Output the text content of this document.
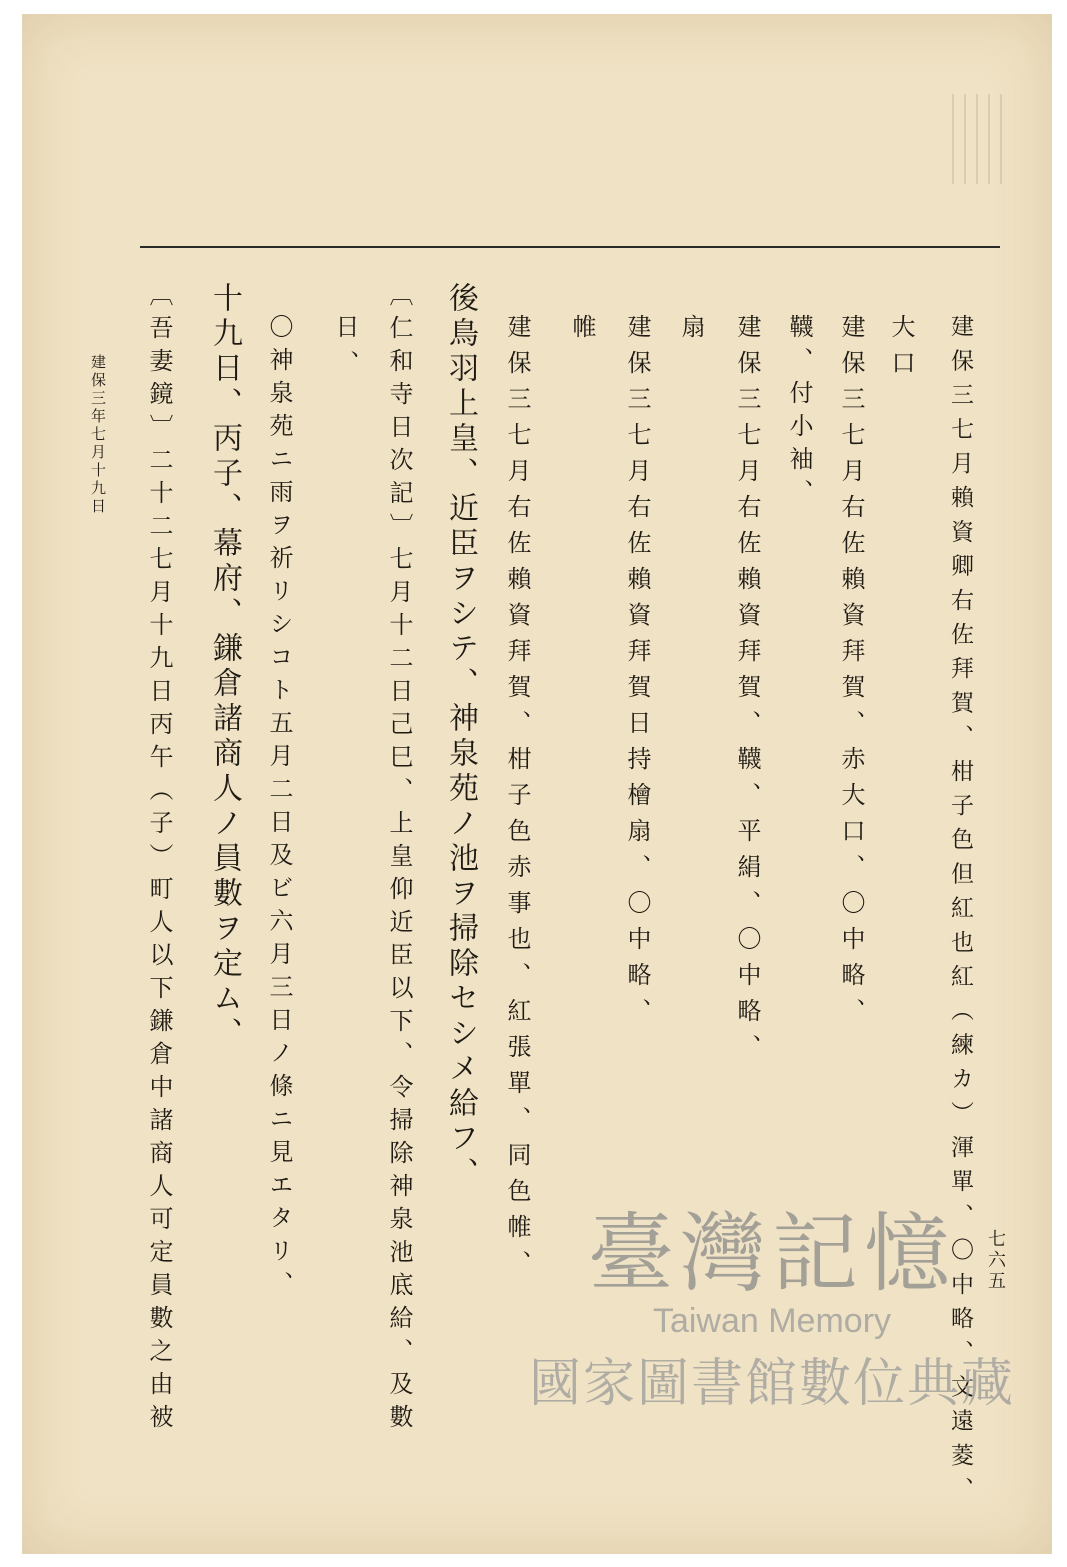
建保三七月賴資卿右佐拜賀、柑子色但紅也紅（練カ）渾單、〇中略、文遠菱、
大口
建保三七月右佐賴資拜賀、赤大口、〇中略、
韈、付小袖、
建保三七月右佐賴資拜賀、韈、平絹、〇中略、
扇
建保三七月右佐賴資拜賀日持檜扇、〇中略、
帷
建保三七月右佐賴資拜賀、柑子色赤事也、紅張單、同色帷、
後鳥羽上皇、近臣ヲシテ、神泉苑ノ池ヲ掃除セシメ給フ、
〔仁和寺日次記〕七月十二日己巳、上皇仰近臣以下、令掃除神泉池底給、及數
日、
〇神泉苑ニ雨ヲ祈リシコト五月二日及ビ六月三日ノ條ニ見エタリ、
十九日、丙子、幕府、鎌倉諸商人ノ員數ヲ定ム、
〔吾妻鏡〕二十二七月十九日丙午（子）町人以下鎌倉中諸商人可定員數之由被
建保三年七月十九日
七六五
臺灣記憶
Taiwan Memory
國家圖書館數位典藏
